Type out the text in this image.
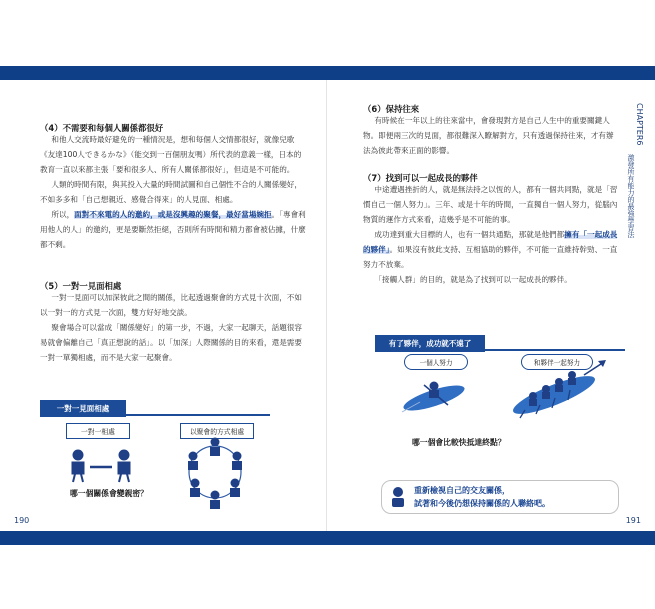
（4）不需要和每個人關係都很好

和他人交流時最好避免的一種情況是，想和每個人交情都很好，就像兒歌《友達100人できるかな》（能交到一百個朋友嗎）所代表的意義一樣，日本的教育一直以來都主張「要和很多人、所有人關係都很好」，但這是不可能的。

人類的時間有限，與其投入大量的時間試圖和自己個性不合的人關係變好，不如多多和「自己想親近、感覺合得來」的人見面、相處。

所以，面對不來電的人的邀約，或是沒興趣的聚餐，最好當場婉拒。「專會利用他人的人」的邀約，更是要斷然拒絕，否則所有時間和精力都會被佔據，什麼都不剩。

（5）一對一見面相處

一對一見面可以加深彼此之間的關係，比起透過聚會的方式見十次面，不如以一對一的方式見一次面，雙方好好地交談。

聚會場合可以當成「關係變好」的第一步，不過，大家一起聊天，話題很容易就會偏離自己「真正想說的話」。以「加深」人際關係的目的來看，還是需要一對一單獨相處，而不是大家一起聚會。

一對一見面相處
一對一相處	以聚會的方式相處
哪一個關係會變親密？
190
（6）保持往來

有時候在一年以上的往來當中，會發現對方是自己人生中的重要關鍵人物。即便兩三次的見面，都很難深入瞭解對方，只有透過保持往來，才有辦法為彼此帶來正面的影響。

（7）找到可以一起成長的夥伴

中途遭遇挫折的人，就是無法持之以恆的人，都有一個共同點，就是「習慣自己一個人努力」。三年、或是十年的時間，一直獨自一個人努力，從腦內物質的運作方式來看，這幾乎是不可能的事。

成功達到重大目標的人，也有一個共通點，那就是他們都擁有「一起成長的夥伴」。如果沒有彼此支持、互相協助的夥伴，不可能一直維持幹勁、一直努力不放棄。

「接觸人群」的目的，就是為了找到可以一起成長的夥伴。

CHAPTER6
激發所有能力的最強學習法
有了夥伴，成功就不遠了
一個人努力	和夥伴一起努力
哪一個會比較快抵達終點？
重新檢視自己的交友關係，
試著和今後仍想保持關係的人聯絡吧。
191
